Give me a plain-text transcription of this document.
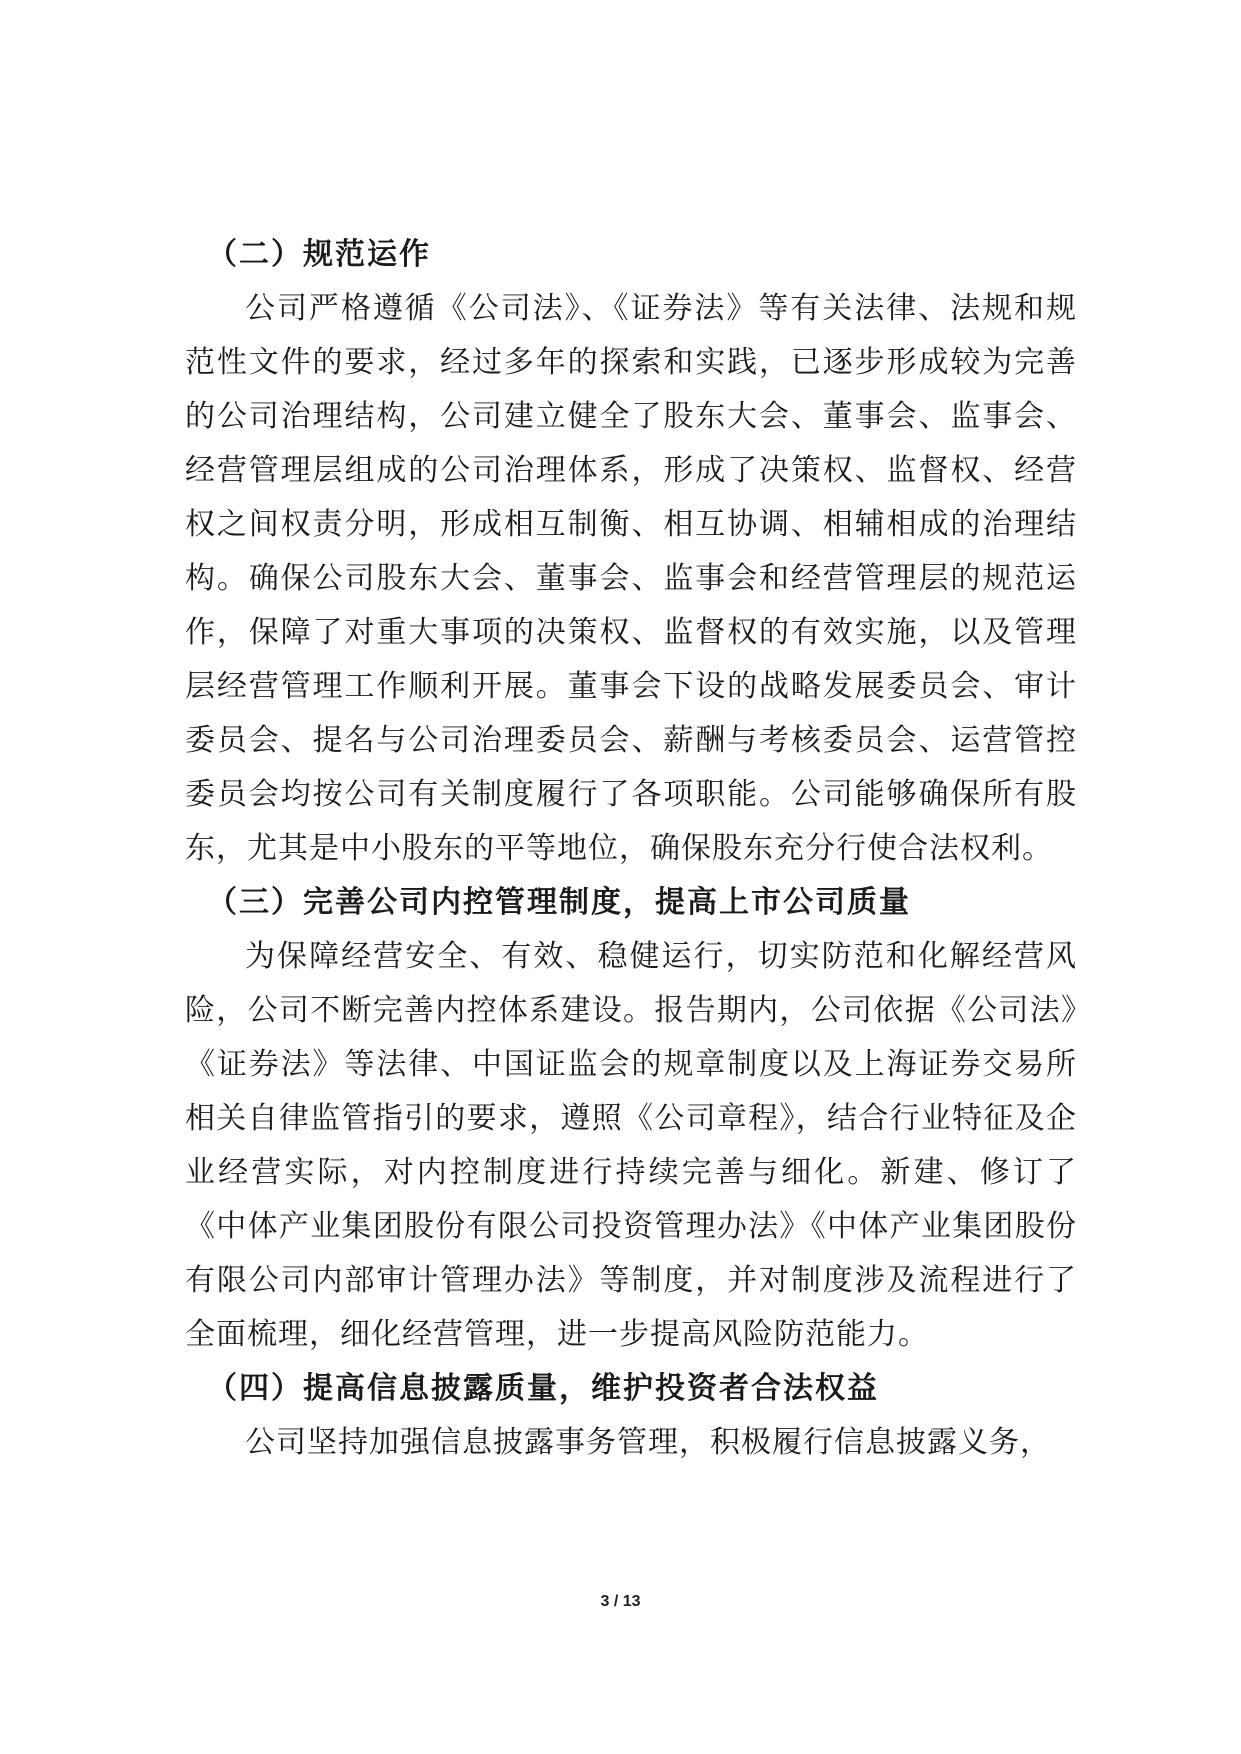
（二）规范运作

公司严格遵循《公司法》、《证券法》等有关法律、法规和规范性文件的要求，经过多年的探索和实践，已逐步形成较为完善的公司治理结构，公司建立健全了股东大会、董事会、监事会、经营管理层组成的公司治理体系，形成了决策权、监督权、经营权之间权责分明，形成相互制衡、相互协调、相辅相成的治理结构。确保公司股东大会、董事会、监事会和经营管理层的规范运作，保障了对重大事项的决策权、监督权的有效实施，以及管理层经营管理工作顺利开展。董事会下设的战略发展委员会、审计委员会、提名与公司治理委员会、薪酬与考核委员会、运营管控委员会均按公司有关制度履行了各项职能。公司能够确保所有股东，尤其是中小股东的平等地位，确保股东充分行使合法权利。

（三）完善公司内控管理制度，提高上市公司质量

为保障经营安全、有效、稳健运行，切实防范和化解经营风险，公司不断完善内控体系建设。报告期内，公司依据《公司法》《证券法》等法律、中国证监会的规章制度以及上海证券交易所相关自律监管指引的要求，遵照《公司章程》，结合行业特征及企业经营实际，对内控制度进行持续完善与细化。新建、修订了《中体产业集团股份有限公司投资管理办法》《中体产业集团股份有限公司内部审计管理办法》等制度，并对制度涉及流程进行了全面梳理，细化经营管理，进一步提高风险防范能力。

（四）提高信息披露质量，维护投资者合法权益

公司坚持加强信息披露事务管理，积极履行信息披露义务，

3 / 13
